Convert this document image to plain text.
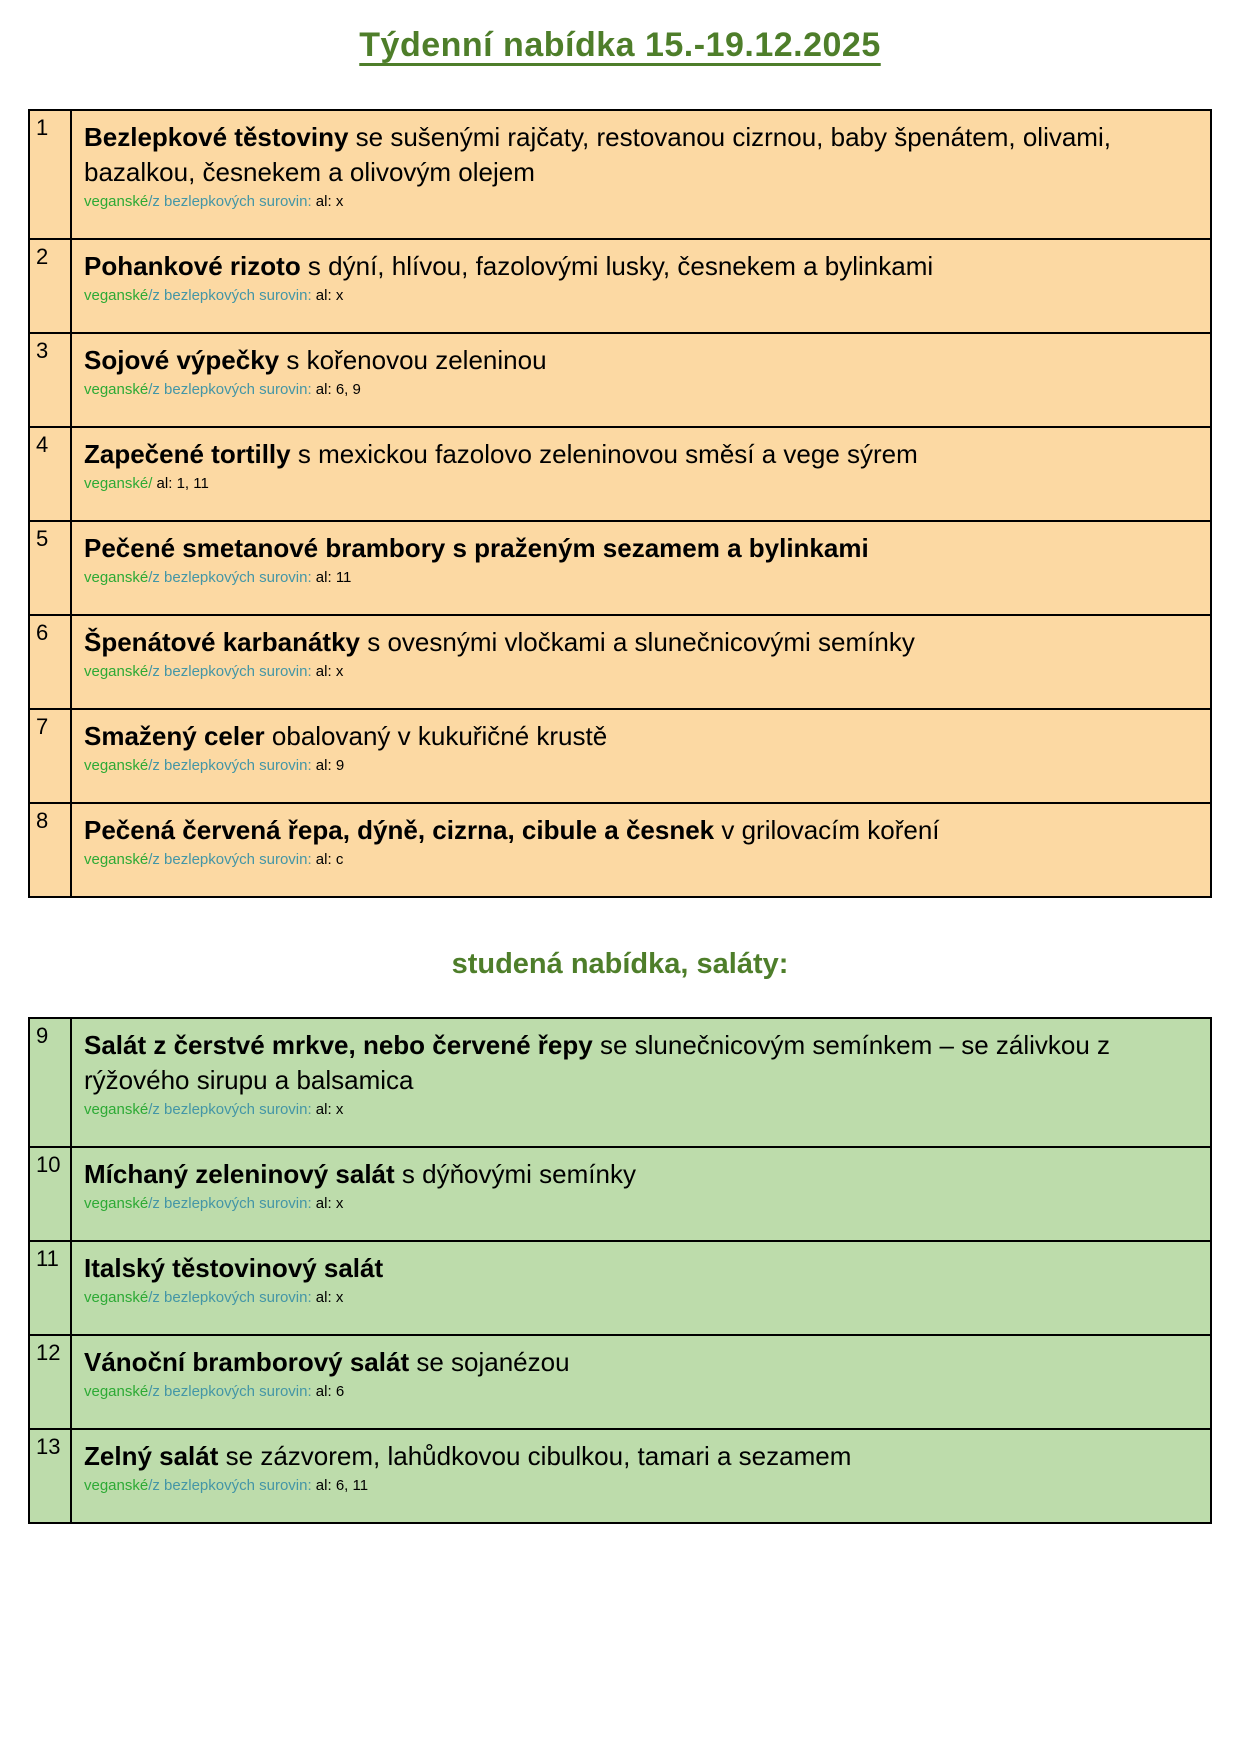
Týdenní nabídka 15.-19.12.2025
1	Bezlepkové těstoviny se sušenými rajčaty, restovanou cizrnou, baby špenátem, olivami, bazalkou, česnekem a olivovým olejem
veganské/z bezlepkových surovin: al: x

2	Pohankové rizoto s dýní, hlívou, fazolovými lusky, česnekem a bylinkami
veganské/z bezlepkových surovin: al: x

3	Sojové výpečky s kořenovou zeleninou
veganské/z bezlepkových surovin: al: 6, 9

4	Zapečené tortilly s mexickou fazolovo zeleninovou směsí a vege sýrem
veganské/ al: 1, 11

5	Pečené smetanové brambory s praženým sezamem a bylinkami
veganské/z bezlepkových surovin: al: 11

6	Špenátové karbanátky s ovesnými vločkami a slunečnicovými semínky
veganské/z bezlepkových surovin: al: x

7	Smažený celer obalovaný v kukuřičné krustě
veganské/z bezlepkových surovin: al: 9

8	Pečená červená řepa, dýně, cizrna, cibule a česnek v grilovacím koření
veganské/z bezlepkových surovin: al: c
studená nabídka, saláty:
9	Salát z čerstvé mrkve, nebo červené řepy se slunečnicovým semínkem – se zálivkou z rýžového sirupu a balsamica
veganské/z bezlepkových surovin: al: x

10	Míchaný zeleninový salát s dýňovými semínky
veganské/z bezlepkových surovin: al: x

11	Italský těstovinový salát
veganské/z bezlepkových surovin: al: x

12	Vánoční bramborový salát se sojanézou
veganské/z bezlepkových surovin: al: 6

13	Zelný salát se zázvorem, lahůdkovou cibulkou, tamari a sezamem
veganské/z bezlepkových surovin: al: 6, 11
